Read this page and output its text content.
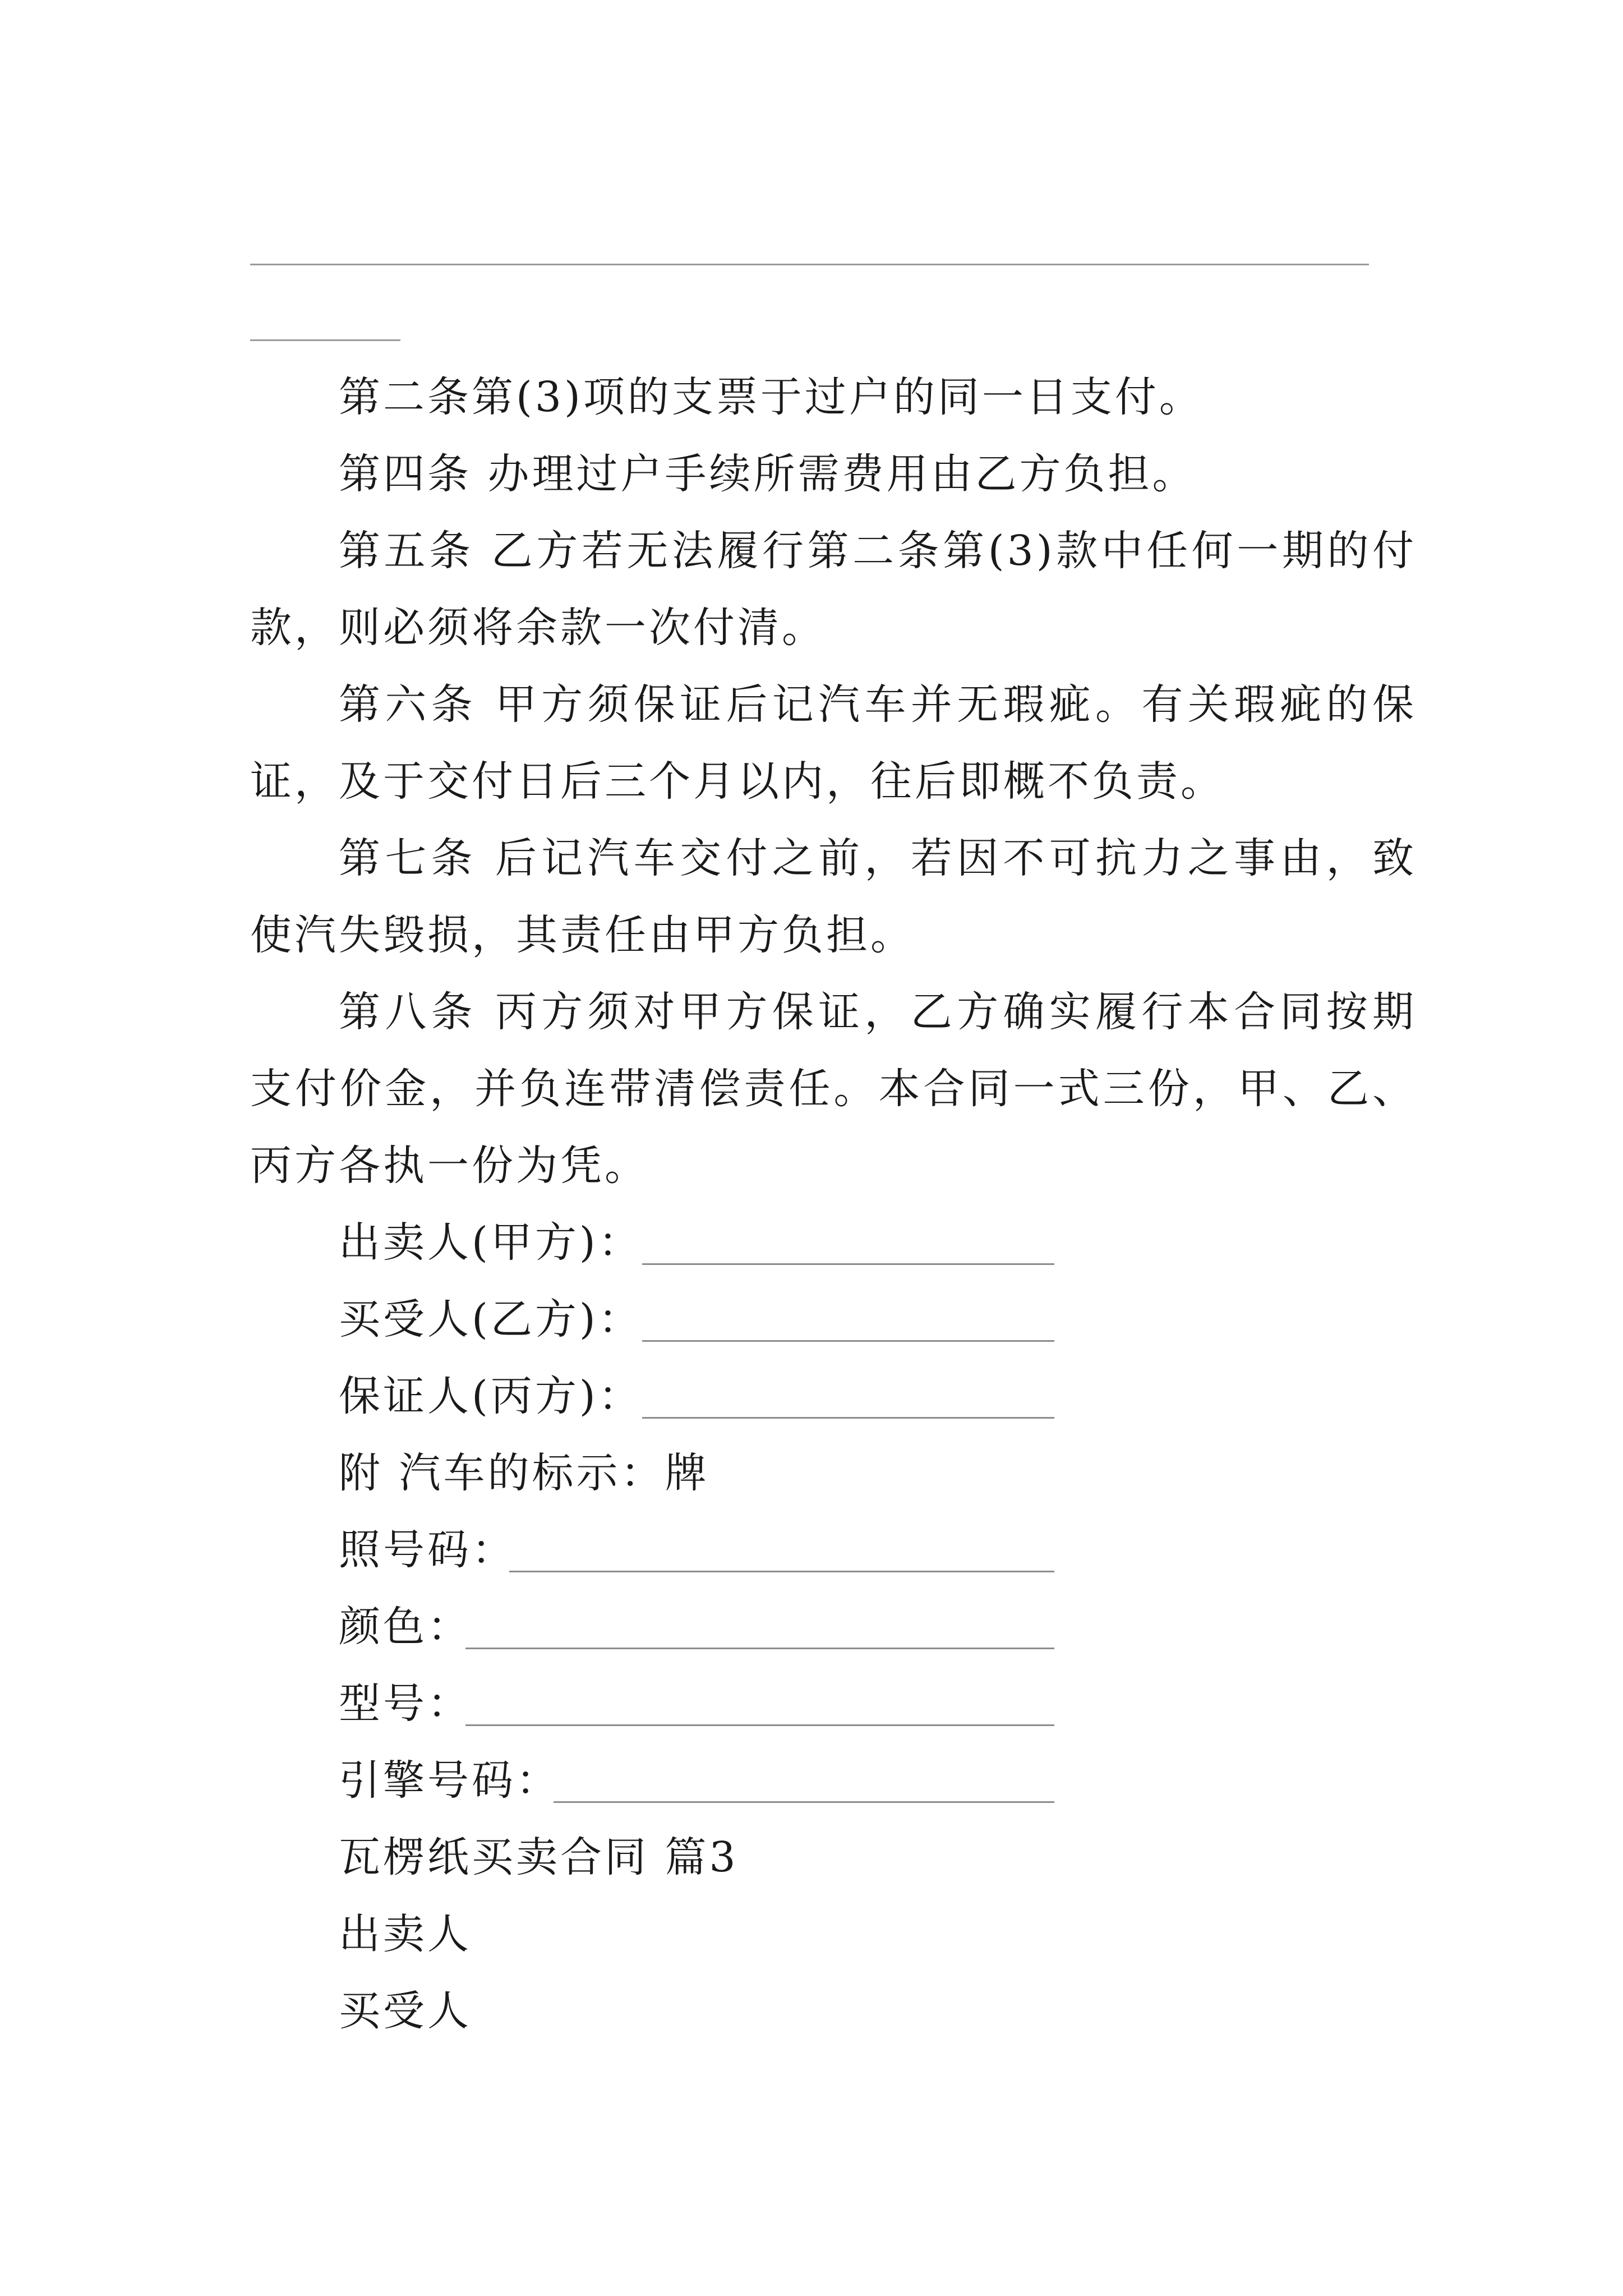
第二条第(3)项的支票于过户的同一日支付。

第四条 办理过户手续所需费用由乙方负担。

第五条 乙方若无法履行第二条第(3)款中任何一期的付款，则必须将余款一次付清。

第六条 甲方须保证后记汽车并无瑕疵。有关瑕疵的保证，及于交付日后三个月以内，往后即概不负责。

第七条 后记汽车交付之前，若因不可抗力之事由，致使汽失毁损，其责任由甲方负担。

第八条 丙方须对甲方保证，乙方确实履行本合同按期支付价金，并负连带清偿责任。本合同一式三份，甲、乙、丙方各执一份为凭。

出卖人(甲方)：

买受人(乙方)：

保证人(丙方)：

附 汽车的标示：牌

照号码：

颜色：

型号：

引擎号码：

瓦楞纸买卖合同 篇3

出卖人

买受人
